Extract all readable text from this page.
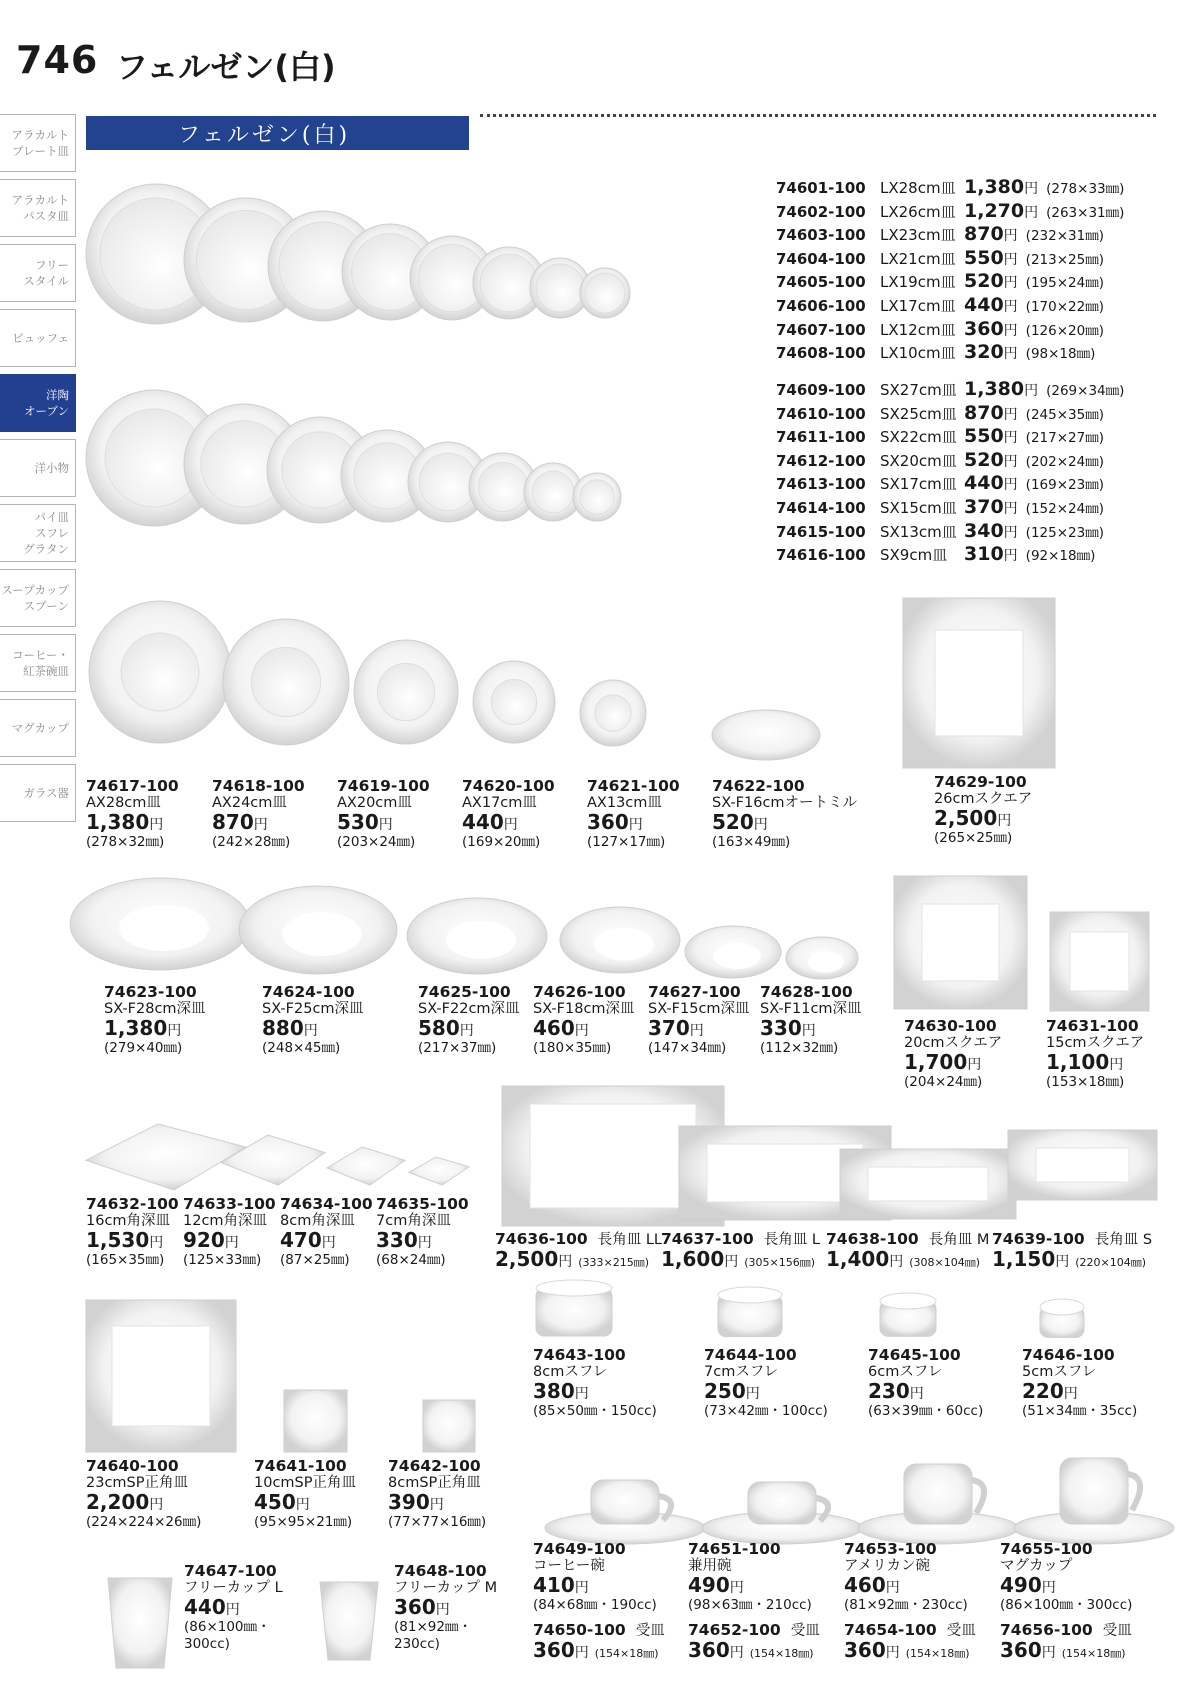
746 フェルゼン(白)
アラカルト
プレート皿
アラカルト
パスタ皿
フリー
スタイル
ビュッフェ
洋陶
オーブン
洋小物
パイ皿
スフレ
グラタン
スープカップ
スプーン
コーヒー・
紅茶碗皿
マグカップ
ガラス器
フェルゼン(白)
74601-100 LX28cm皿 1,380 円 (278×33㎜)
74602-100 LX26cm皿 1,270 円 (263×31㎜)
74603-100 LX23cm皿 870 円 (232×31㎜)
74604-100 LX21cm皿 550 円 (213×25㎜)
74605-100 LX19cm皿 520 円 (195×24㎜)
74606-100 LX17cm皿 440 円 (170×22㎜)
74607-100 LX12cm皿 360 円 (126×20㎜)
74608-100 LX10cm皿 320 円 (98×18㎜)
74609-100 SX27cm皿 1,380 円 (269×34㎜)
74610-100 SX25cm皿 870 円 (245×35㎜)
74611-100 SX22cm皿 550 円 (217×27㎜)
74612-100 SX20cm皿 520 円 (202×24㎜)
74613-100 SX17cm皿 440 円 (169×23㎜)
74614-100 SX15cm皿 370 円 (152×24㎜)
74615-100 SX13cm皿 340 円 (125×23㎜)
74616-100 SX9cm皿 310 円 (92×18㎜)
74617-100
AX28cm皿
1,380円
(278×32㎜)
74618-100
AX24cm皿
870円
(242×28㎜)
74619-100
AX20cm皿
530円
(203×24㎜)
74620-100
AX17cm皿
440円
(169×20㎜)
74621-100
AX13cm皿
360円
(127×17㎜)
74622-100
SX-F16cmオートミル
520円
(163×49㎜)
74629-100
26cmスクエア
2,500円
(265×25㎜)
74623-100
SX-F28cm深皿
1,380円
(279×40㎜)
74624-100
SX-F25cm深皿
880円
(248×45㎜)
74625-100
SX-F22cm深皿
580円
(217×37㎜)
74626-100
SX-F18cm深皿
460円
(180×35㎜)
74627-100
SX-F15cm深皿
370円
(147×34㎜)
74628-100
SX-F11cm深皿
330円
(112×32㎜)
74630-100
20cmスクエア
1,700円
(204×24㎜)
74631-100
15cmスクエア
1,100円
(153×18㎜)
74632-100
16cm角深皿
1,530円
(165×35㎜)
74633-100
12cm角深皿
920円
(125×33㎜)
74634-100
8cm角深皿
470円
(87×25㎜)
74635-100
7cm角深皿
330円
(68×24㎜)
74636-100 長角皿 LL
2,500円 (333×215㎜)
74637-100 長角皿 L
1,600円 (305×156㎜)
74638-100 長角皿 M
1,400円 (308×104㎜)
74639-100 長角皿 S
1,150円 (220×104㎜)
74643-100
8cmスフレ
380円
(85×50㎜・150cc)
74644-100
7cmスフレ
250円
(73×42㎜・100cc)
74645-100
6cmスフレ
230円
(63×39㎜・60cc)
74646-100
5cmスフレ
220円
(51×34㎜・35cc)
74640-100
23cmSP正角皿
2,200円
(224×224×26㎜)
74641-100
10cmSP正角皿
450円
(95×95×21㎜)
74642-100
8cmSP正角皿
390円
(77×77×16㎜)
74649-100
コーヒー碗
410円
(84×68㎜・190cc)
74651-100
兼用碗
490円
(98×63㎜・210cc)
74653-100
アメリカン碗
460円
(81×92㎜・230cc)
74655-100
マグカップ
490円
(86×100㎜・300cc)
74650-100 受皿
360円 (154×18㎜)
74652-100 受皿
360円 (154×18㎜)
74654-100 受皿
360円 (154×18㎜)
74656-100 受皿
360円 (154×18㎜)
74647-100
フリーカップ L
440円
(86×100㎜・
300cc)
74648-100
フリーカップ M
360円
(81×92㎜・
230cc)
